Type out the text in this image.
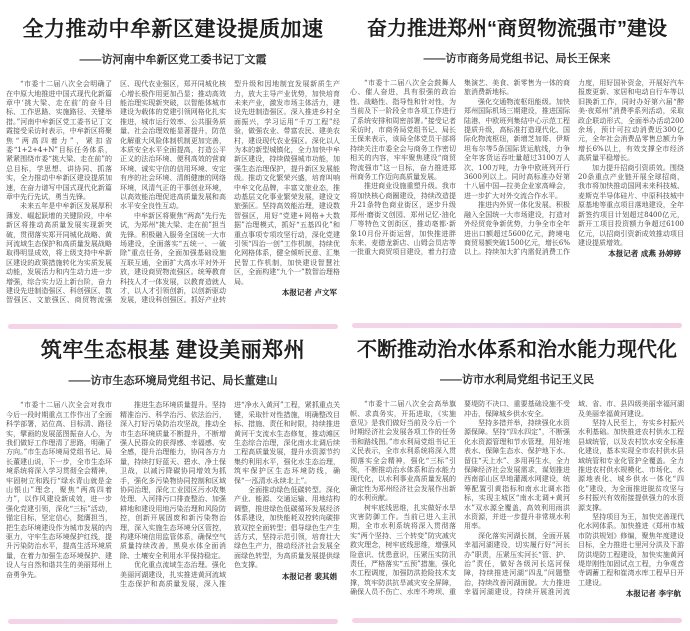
全力推动中牟新区建设提质加速
——访河南中牟新区党工委书记丁文霞

“市委十二届八次全会明确了在中原大地推进中国式现代化新篇章中‘挑大梁、走在前’的奋斗目标、工作思路、实施路径、关键举措。”河南中牟新区党工委书记丁文霞接受采访时表示，中牟新区将聚焦“两高四着力”，紧扣省委“1+2+4+N”目标任务体系，紧紧围绕市委“挑大梁、走在前”的总目标，学思想、讲协同、抓落实，全力推动中牟新区建设提质加速，在奋力谱写中国式现代化新篇章中先行先试，勇当先锋。

未来五年是中牟新区发展厚积薄发、崛起跃增的关键阶段，中牟新区将推动高质量发展实现新突破，贯彻落实郑开同城化战略、黄河流域生态保护和高质量发展战略取得明显成效，将上级支持中牟新区建设的政策措施转化为实质发展动能，发展活力和内生动力进一步增强，综合实力迈上新台阶，奋力建设先进制造强区、科创强区、数智强区、文旅强区、商贸物流强区、现代农业强区，郑开同城化核心增长极作用更加凸显；推动高效能治理实现新突破，以智能体城市建设为载体的党建引领网格化扎实推进，城市运行效率、公共服务质量、社会治理效能显著提升，防范化解重大风险体制机制更加完善，本质安全水平全面提高，打造公平正义的法治环境、便利高效的营商环境、诚实守信的信用环境、安定有序的社会环境、清朗健康的网络环境，风清气正的干事创业环境，以高效能治理促进高质量发展和高水平安全良性互动。

中牟新区将聚焦“两高”先行先试，为郑州“挑大梁、走在前”担当先锋。积极融入服务全国统一大市场建设，全面落实“五统一、一破除”重点任务，全面加强基础设施互联互通，全面扩大高水平对外开放，建设商贸物流强区。统筹教育科技人才一体发展，以教育造就人才，以人才引领创新，以创新驱动发展，建设科创强区。抓好产业转型升级和因地制宜发展新质生产力，放大主导产业优势，加快培育未来产业，激发市场主体活力，建设先进制造强区。深入推进乡村全面振兴，学习运用“千万工程”经验，做强农业、带富农民、建美农村，建设现代农业强区。深化以人为本的新型城镇化，全力加快中牟新区建设，持续做强城市功能，加强生态治理保护，提升新区发展能级。推动文化繁荣兴盛，培育叫响中牟文化品牌，丰富文旅业态，推动基层文化事业繁荣发展，建设文旅强区。坚持高效能治理，建设数智强区，用好“党建+网格+大数据”治理模式，抓好“五基四化”和重点事项专项攻坚行动，深化党建引领“四治一创”工作机制，持续优化网格体系，健全倾听民意、汇集民智工作机制，加快建设智慧社区，全面构建“九个一”数智治理格局。

本报记者 卢文军
奋力推进郑州“商贸物流强市”建设
——访市商务局党组书记、局长王保来

“市委十二届八次全会鼓舞人心、催人奋进，具有很强的政治性、战略性、指导性和针对性，为当前及下一阶段全市各项工作进行了系统安排和周密部署。”接受记者采访时，市商务局党组书记、局长王保来表示，该局全体党员干部将持续关注市委全会与商务工作密切相关的内容，牢牢聚焦建设“商贸物流强市”这一目标，奋力推进郑州商务工作迈向高质量发展。

推进商业设施重塑升级。我市将加快核心商圈建设，持续改造提升21条特色商业街区，逐步升级郑州·磨街文创园、郑州记忆·油化厂等特色文创街区，推动亳都·新象10月份开街运营，加快推进胖东来、麦德龙新店、山姆会员店等一批重大商贸项目建设，着力打造集演艺、美食、新零售为一体的商旅消费新地标。

强化交通物流枢纽能级。加快郑州国际机场三期建设，推进国际陆港、中欧班列集结中心示范工程提质升级，高标准打造现代化、国际化物流枢纽，新增芝加哥、伊斯坦布尔等5条国际货运航线，力争全年客货运吞吐量超过3100万人次、100万吨，力争中欧班列开行3600列以上。同时高标准办好第十八届中国—拉美企业家高峰会，进一步扩大对外交流合作水平。

推进内外贸一体化发展。积极融入全国统一大市场建设，打造对外经贸竞争新优势，力争全市全年进出口额超过5600亿元，跨境电商贸易额突破1500亿元，增长6%以上。持续加大扩内需促消费工作力度，用好国补资金，开展好汽车报废更新、家居和电动自行车等以旧换新工作，同时办好第六届“醉美·夜郑州”消费季系列活动，采取政企联动形式，全面举办活动200余场，预计可拉动消费近300亿元，全年社会消费品零售总额力争增长6%以上，有效支撑全市经济高质量平稳增长。

加力提升招商引资质效。围绕20条重点产业链开展全球招商，我市将加快推动国网未来科技城、麦斯克半导体硅片、中原科技城中原基地等重点项目落地建设，全年新签约项目计划超过8400亿元，新开工项目投资额力争超过6100亿元，以招商引资新成效推动项目建设提质增效。

本报记者 成燕 孙婷婷
筑牢生态根基 建设美丽郑州
——访市生态环境局党组书记、局长董建山

“市委十二届八次全会对我市今后一段时期重点工作作出了全面科学部署，站位高、目标清、路径实，擘画的发展蓝图振奋人心，为我们做好工作理清了思路，明确了方向。”市生态环境局党组书记、局长董建山说，下一步，全市生态环境系统将深入学习贯彻全会精神，牢固树立和践行“绿水青山就是金山银山”理念，聚焦“两高四着力”，以作风建设新成效，进一步强化党建引领，深化“三标”活动，锚定目标，坚定信心，挺膺担当，把生态环境建设作为城市发展的内驱力，守牢生态环境保护红线，提升污染防治水平，提高生活环境质量，在着力加强生态环境保护、建设人与自然和谐共生的美丽郑州上奋勇争先。

推进生态环境质量提升。坚持精准治污、科学治污、依法治污，深入打好污染防治攻坚战，推动全市生态环境质量不断提升，不断增强人民群众的获得感、幸福感、安全感，提升治理能力，协同各方力量，持续打好蓝天、碧水、净土保卫战，以减污降碳协同增效为抓手，强化多污染物协同控制和区域协同治理，深化工业园区污水收集处理、入河排污口排查整治、加强耕地和建设用地污染治理和风险防控，创新开展固废和新污染物治理，深入实施生态环境分区管控，构建环境信用监管体系，确保空气质量持续改善，黑臭水体全面消除、土壤安全利用水平保持稳定。

优化重点流域生态治理。强化美丽河湖建设，扎实推进黄河流域生态保护和高质量发展，深入推进“净水入黄河”工程，紧抓重点关键，采取针对性措施，明确整改目标、措施、责任和时限，持续推进黄河干支流水生态修复，推动滩区生态综合治理，深化南水北调后续工程高质量发展，提升水资源节约集约利用水平，强化水生态治理，筑牢保护区生态环境防线，确保“一泓清水永续北上”。

全面推动绿色低碳转型。深化产业、能源、交通运输、用地结构调整，推进绿色低碳循环发展经济体系建设，加快能耗双控转向碳排放双控全面转型；倡导绿色生产生活方式，坚持示范引领，培育壮大绿色生产力，推动经济社会发展全面绿色转型，为高质量发展提供绿色支撑。

本报记者 裴其娟
不断推动治水体系和治水能力现代化
——访市水利局党组书记王义民

“市委十二届八次全会高举旗帜、求真务实，开拓进取，《实施意见》是我们做好当前及今后一个时期经济社会发展各项工作的任务书和路线图。”市水利局党组书记王义民表示，全市水利系统将深入贯彻落实全会精神，强化“三标”引领，不断推动治水体系和治水能力现代化，以水利事业高质量发展的确定性为郑州经济社会发展作出新的水利贡献。

树牢底线思维，扎实做好水旱灾害防御工作。当前已进入主汛期，全市水利系统将深入贯彻落实“两个坚持、三个转变”防灾减灾救灾理念，树牢底线思维，增强风险意识、忧患意识，压紧压实防汛责任，严格落实“五预”措施，强化水工程调度，加强防洪抢险技术支撑，筑牢防洪抗旱减灾安全屏障，确保人员不伤亡、水库不垮坝、重要堤防不决口、重要基础设施不受冲击，保障城乡供水安全。

坚持多措并举，持续强化水资源保障。坚持“四水四定”，不断强化水资源管理和节水管理，用好地表水、保障生态水、保护地下水、留住“天上水”、多用再生水，全力保障经济社会发展需求，谋划推进西南部山区旱地灌溉水网建设，统筹配置引黄指标和南水北调水指标，实现主城区“南水北调+黄河水”双水源全覆盖，高效利用雨洪水资源，并进一步提升非常规水利用率。

深化落实河湖长制，全面开展幸福河湖建设，切实履行好“河长办”职责，压紧压实河长“管、护、治”责任，做好各级河长巡河保障，持续推进河湖“四乱”问题整治，持续改善河湖面貌。大力推进幸福河湖建设，持续开展淮河流域、省、市、县四级美丽幸福河湖及美丽幸福黄河建设。

坚持人民至上，夯实乡村振兴水利基础。加快推进农村供水工程县域统管，以及农村饮水安全标准化建设，基本实现全市农村供水县域统管和专业化管护全覆盖。全力推进农村供水规模化、市场化、水源地表化、城乡供水一体化“四化”建设，为全面推进脱贫攻坚与乡村振兴有效衔接提供强力的水资源支撑。

坚持项目为王，加快完善现代化水网体系。加快推进《郑州市城市防洪规划》修编，聚焦年度建设目标，全力推进七里河分洪及下游防洪堤防工程建设，加快实施黄河堤岸刚性加固试点工程，力争观音寺调蓄工程和崔湾水库工程早日开工建设。

本报记者 李宇航
